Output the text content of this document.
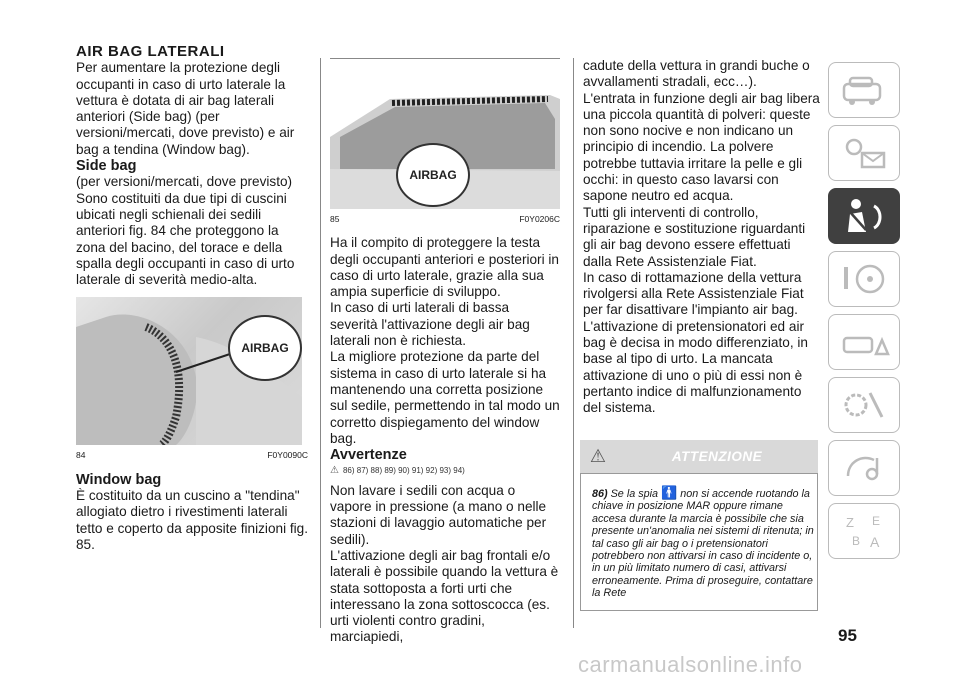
AIR BAG LATERALI

Per aumentare la protezione degli occupanti in caso di urto laterale la vettura è dotata di air bag laterali anteriori (Side bag) (per versioni/mercati, dove previsto) e air bag a tendina (Window bag).

Side bag

(per versioni/mercati, dove previsto) Sono costituiti da due tipi di cuscini ubicati negli schienali dei sedili anteriori fig. 84 che proteggono la zona del bacino, del torace e della spalla degli occupanti in caso di urto laterale di severità medio-alta.

AIRBAG
84	F0Y0090C

Window bag

È costituito da un cuscino a "tendina" allogiato dietro i rivestimenti laterali tetto e coperto da apposite finizioni fig. 85.

AIRBAG
85	F0Y0206C

Ha il compito di proteggere la testa degli occupanti anteriori e posteriori in caso di urto laterale, grazie alla sua ampia superficie di sviluppo.

In caso di urti laterali di bassa severità l'attivazione degli air bag laterali non è richiesta.

La migliore protezione da parte del sistema in caso di urto laterale si ha mantenendo una corretta posizione sul sedile, permettendo in tal modo un corretto dispiegamento del window bag.

Avvertenze

⚠ 86) 87) 88) 89) 90) 91) 92) 93) 94)

Non lavare i sedili con acqua o vapore in pressione (a mano o nelle stazioni di lavaggio automatiche per sedili).

L'attivazione degli air bag frontali e/o laterali è possibile quando la vettura è stata sottoposta a forti urti che interessano la zona sottoscocca (es. urti violenti contro gradini, marciapiedi,

cadute della vettura in grandi buche o avvallamenti stradali, ecc…).

L'entrata in funzione degli air bag libera una piccola quantità di polveri: queste non sono nocive e non indicano un principio di incendio. La polvere potrebbe tuttavia irritare la pelle e gli occhi: in questo caso lavarsi con sapone neutro ed acqua.

Tutti gli interventi di controllo, riparazione e sostituzione riguardanti gli air bag devono essere effettuati dalla Rete Assistenziale Fiat.

In caso di rottamazione della vettura rivolgersi alla Rete Assistenziale Fiat per far disattivare l'impianto air bag.

L'attivazione di pretensionatori ed air bag è decisa in modo differenziato, in base al tipo di urto. La mancata attivazione di uno o più di essi non è pertanto indice di malfunzionamento del sistema.

⚠	ATTENZIONE
86) Se la spia 🚹 non si accende ruotando la chiave in posizione MAR oppure rimane accesa durante la marcia è possibile che sia presente un'anomalia nei sistemi di ritenuta; in tal caso gli air bag o i pretensionatori potrebbero non attivarsi in caso di incidente o, in un più limitato numero di casi, attivarsi erroneamente. Prima di proseguire, contattare la Rete
Z E
B A
95
carmanualsonline.info
